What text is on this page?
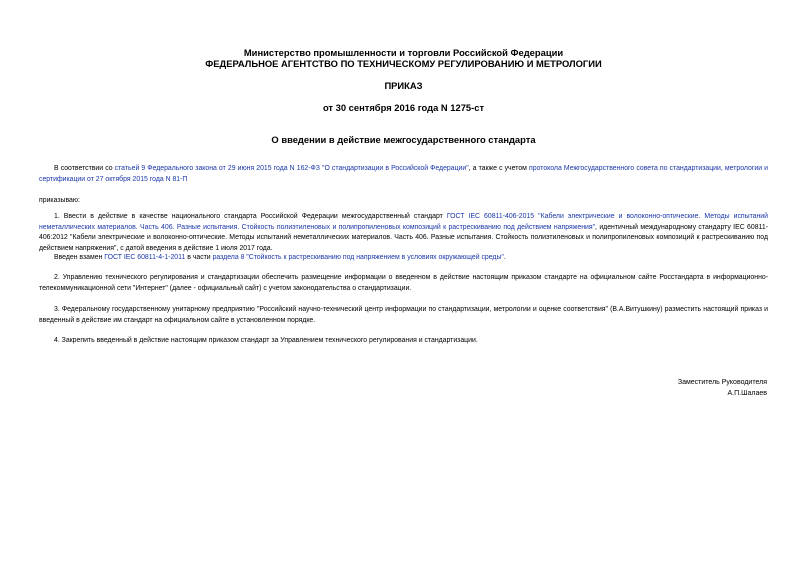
Министерство промышленности и торговли Российской Федерации
ФЕДЕРАЛЬНОЕ АГЕНТСТВО ПО ТЕХНИЧЕСКОМУ РЕГУЛИРОВАНИЮ И МЕТРОЛОГИИ
ПРИКАЗ
от 30 сентября 2016 года N 1275-ст
О введении в действие межгосударственного стандарта
В соответствии со статьей 9 Федерального закона от 29 июня 2015 года N 162-ФЗ "О стандартизации в Российской Федерации", а также с учетом протокола Межгосударственного совета по стандартизации, метрологии и сертификации от 27 октября 2015 года N 81-П
приказываю:
1. Ввести в действие в качестве национального стандарта Российской Федерации межгосударственный стандарт ГОСТ IEC 60811-406-2015 "Кабели электрические и волоконно-оптические. Методы испытаний неметаллических материалов. Часть 406. Разные испытания. Стойкость полиэтиленовых и полипропиленовых композиций к растрескиванию под действием напряжения", идентичный международному стандарту IEC 60811-406:2012 "Кабели электрические и волоконно-оптические. Методы испытаний неметаллических материалов. Часть 406. Разные испытания. Стойкость полиэтиленовых и полипропиленовых композиций к растрескиванию под действием напряжения", с датой введения в действие 1 июля 2017 года.
Введен взамен ГОСТ IEC 60811-4-1-2011 в части раздела 8 "Стойкость к растрескиванию под напряжением в условиях окружающей среды".
2. Управлению технического регулирования и стандартизации обеспечить размещение информации о введенном в действие настоящим приказом стандарте на официальном сайте Росстандарта в информационно-телекоммуникационной сети "Интернет" (далее - официальный сайт) с учетом законодательства о стандартизации.
3. Федеральному государственному унитарному предприятию "Российский научно-технический центр информации по стандартизации, метрологии и оценке соответствия" (В.А.Витушкину) разместить настоящий приказ и введенный в действие им стандарт на официальном сайте в установленном порядке.
4. Закрепить введенный в действие настоящим приказом стандарт за Управлением технического регулирования и стандартизации.
Заместитель Руководителя
А.П.Шалаев
